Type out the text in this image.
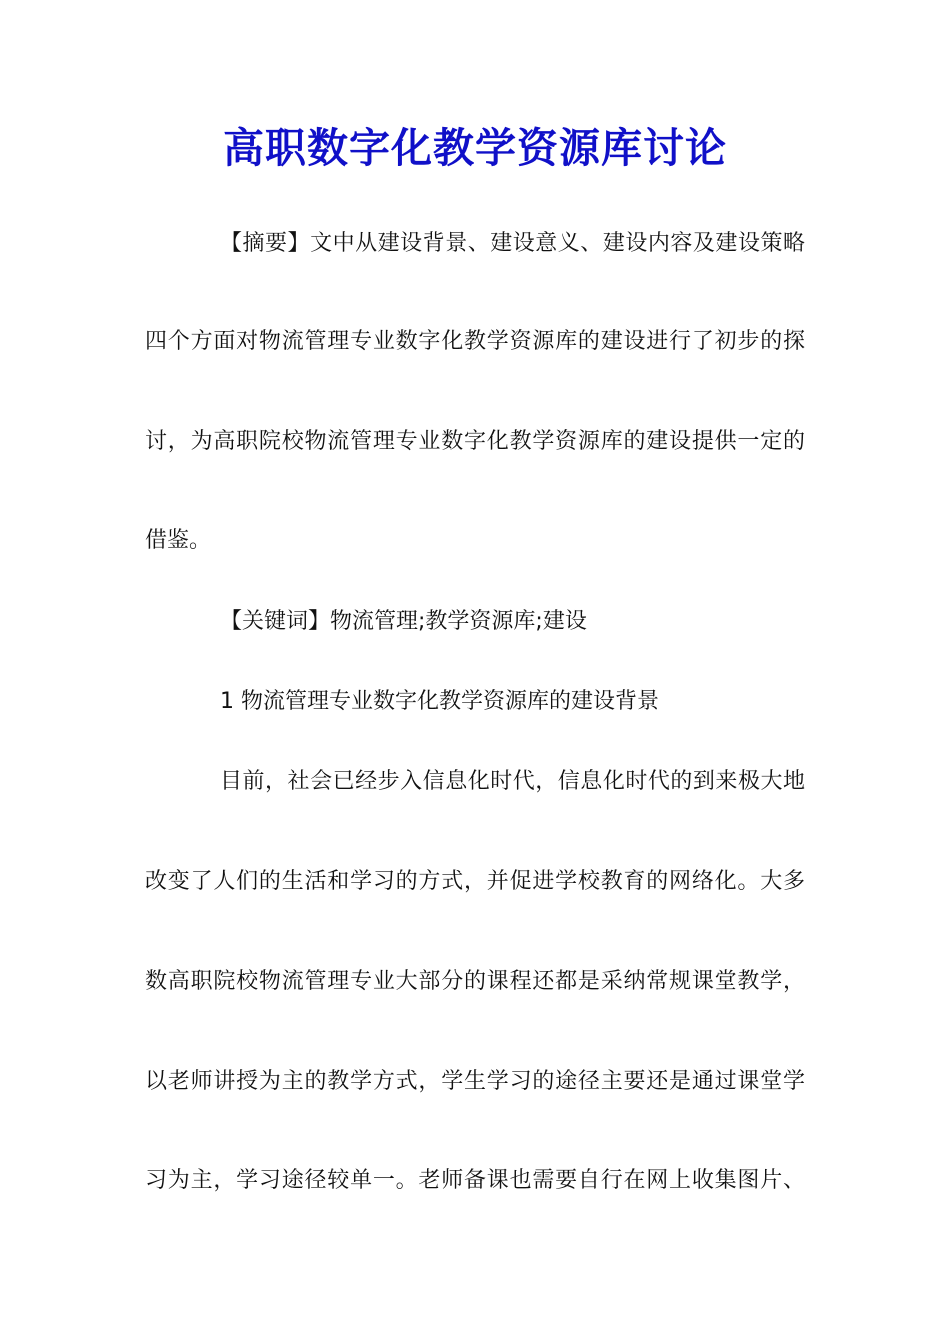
高职数字化教学资源库讨论
【摘要】文中从建设背景、建设意义、建设内容及建设策略
四个方面对物流管理专业数字化教学资源库的建设进行了初步的探
讨，为高职院校物流管理专业数字化教学资源库的建设提供一定的
借鉴。
【关键词】物流管理;教学资源库;建设
1 物流管理专业数字化教学资源库的建设背景
目前，社会已经步入信息化时代，信息化时代的到来极大地
改变了人们的生活和学习的方式，并促进学校教育的网络化。大多
数高职院校物流管理专业大部分的课程还都是采纳常规课堂教学，
以老师讲授为主的教学方式，学生学习的途径主要还是通过课堂学
习为主，学习途径较单一。老师备课也需要自行在网上收集图片、
